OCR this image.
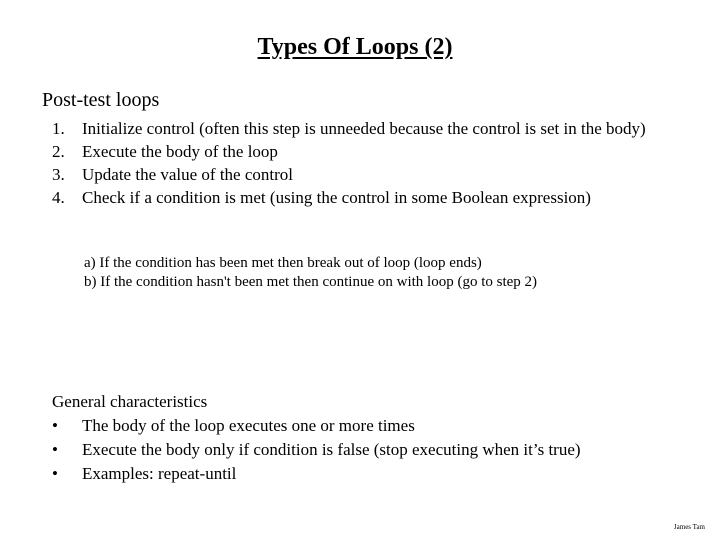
Types Of Loops (2)
Post-test loops
1.	Initialize control (often this step is unneeded because the control is set in the body)
2.	Execute the body of the loop
3.	Update the value of the control
4.	Check if a condition is met (using the control in some Boolean expression)
a) If the condition has been met then break out of loop (loop ends)
b) If the condition hasn't been met then continue on with loop (go to step 2)
General characteristics
•	The body of the loop executes one or more times
•	Execute the body only if condition is false (stop executing when it’s true)
•	Examples: repeat-until
James Tam
